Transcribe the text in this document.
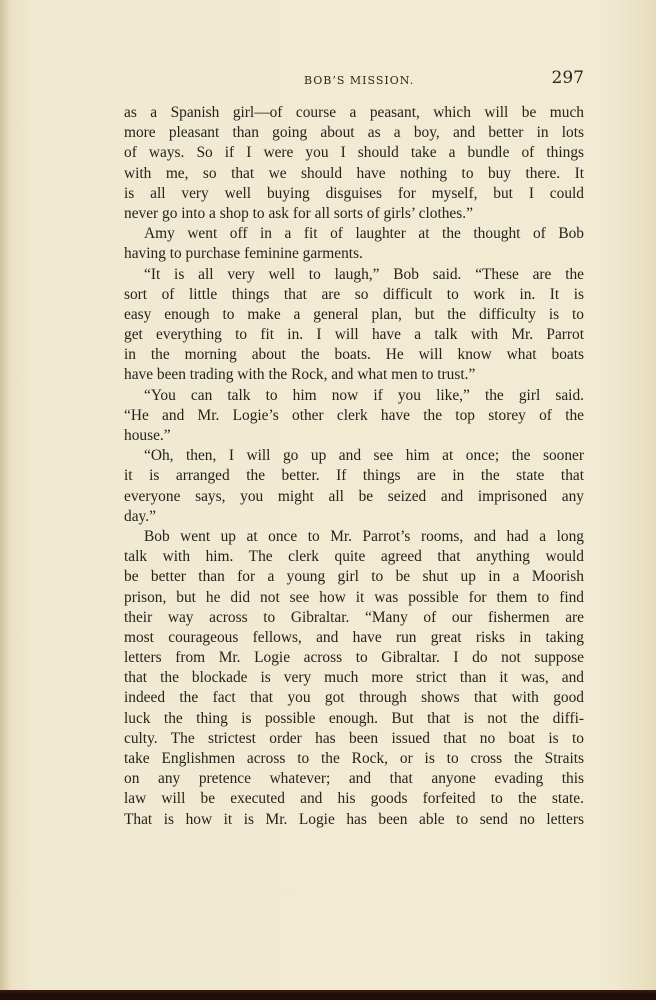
BOB’S MISSION.	297
as a Spanish girl—of course a peasant, which will be much
more pleasant than going about as a boy, and better in lots
of ways. So if I were you I should take a bundle of things
with me, so that we should have nothing to buy there. It
is all very well buying disguises for myself, but I could
never go into a shop to ask for all sorts of girls’ clothes.”
Amy went off in a fit of laughter at the thought of Bob
having to purchase feminine garments.
“It is all very well to laugh,” Bob said. “These are the
sort of little things that are so difficult to work in. It is
easy enough to make a general plan, but the difficulty is to
get everything to fit in. I will have a talk with Mr. Parrot
in the morning about the boats. He will know what boats
have been trading with the Rock, and what men to trust.”
“You can talk to him now if you like,” the girl said.
“He and Mr. Logie’s other clerk have the top storey of the
house.”
“Oh, then, I will go up and see him at once; the sooner
it is arranged the better. If things are in the state that
everyone says, you might all be seized and imprisoned any
day.”
Bob went up at once to Mr. Parrot’s rooms, and had a long
talk with him. The clerk quite agreed that anything would
be better than for a young girl to be shut up in a Moorish
prison, but he did not see how it was possible for them to find
their way across to Gibraltar. “Many of our fishermen are
most courageous fellows, and have run great risks in taking
letters from Mr. Logie across to Gibraltar. I do not suppose
that the blockade is very much more strict than it was, and
indeed the fact that you got through shows that with good
luck the thing is possible enough. But that is not the diffi-
culty. The strictest order has been issued that no boat is to
take Englishmen across to the Rock, or is to cross the Straits
on any pretence whatever; and that anyone evading this
law will be executed and his goods forfeited to the state.
That is how it is Mr. Logie has been able to send no letters
